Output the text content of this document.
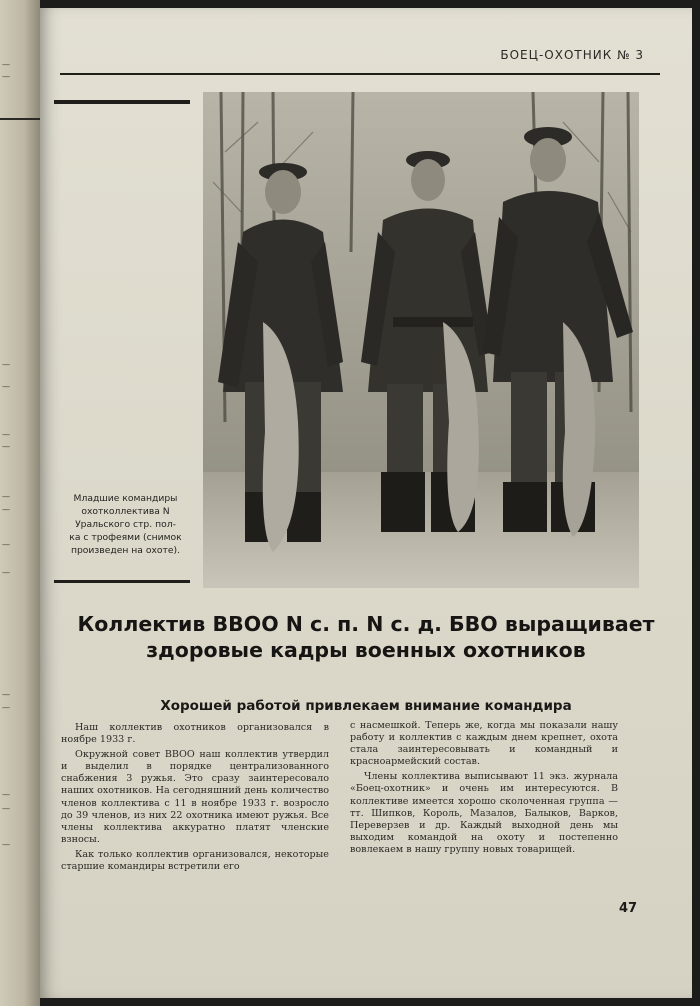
—
—
—
—
—
—
—
—
—
—
—
—
—
—
—
БОЕЦ-ОХОТНИК № 3
Младшие командиры
охотколлектива N
Уральского стр. пол-
ка с трофеями (снимок
произведен на охоте).
Коллектив ВВОО N с. п. N с. д. БВО выращивает
здоровые кадры военных охотников
Хорошей работой привлекаем внимание командира

Наш коллектив охотников организовался в ноябре 1933 г.

Окружной совет ВВОО наш коллектив утвердил и выделил в порядке централизованного снабжения 3 ружья. Это сразу заинтересовало наших охотников. На сегодняшний день количество членов коллектива с 11 в ноябре 1933 г. возросло до 39 членов, из них 22 охотника имеют ружья. Все члены коллектива аккуратно платят членские взносы.

Как только коллектив организовался, некоторые старшие командиры встретили его

с насмешкой. Теперь же, когда мы показали нашу работу и коллектив с каждым днем крепнет, охота стала заинтересовывать и командный и красноармейский состав.

Члены коллектива выписывают 11 экз. журнала «Боец-охотник» и очень им интересуются. В коллективе имеется хорошо сколоченная группа — тт. Шипков, Король, Мазалов, Балыков, Варков, Переверзев и др. Каждый выходной день мы выходим командой на охоту и постепенно вовлекаем в нашу группу новых товарищей.

47
